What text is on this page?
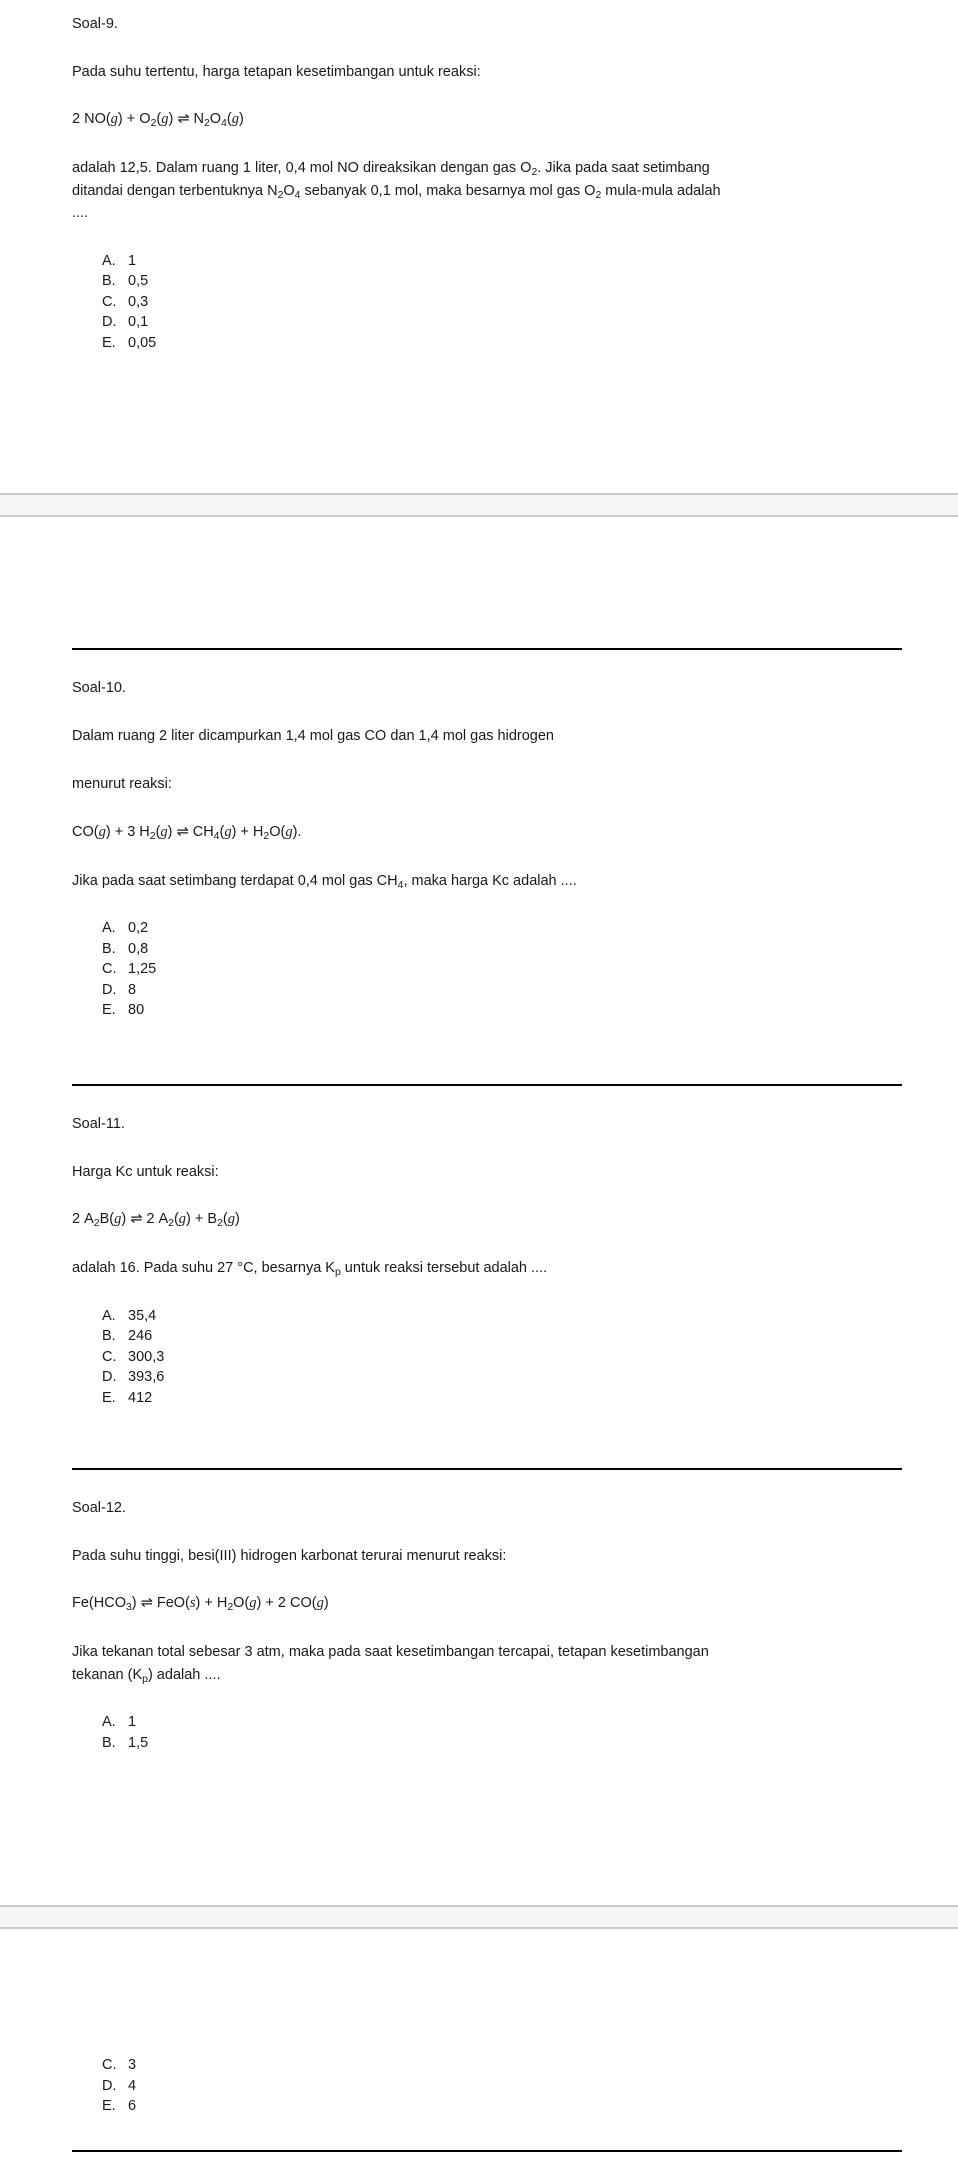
Soal-9.

Pada suhu tertentu, harga tetapan kesetimbangan untuk reaksi:

2 $NO(g) + O_2(g)$ ⇌ $N_2O_4(g)$

adalah 12,5. Dalam ruang 1 liter, 0,4 mol NO direaksikan dengan gas $O_2$. Jika pada saat setimbang ditandai dengan terbentuknya $N_2O_4$ sebanyak 0,1 mol, maka besarnya mol gas $O_2$ mula-mula adalah ....

A. 1
B. 0,5
C. 0,3
D. 0,1
E. 0,05

Soal-10.

Dalam ruang 2 liter dicampurkan 1,4 mol gas CO dan 1,4 mol gas hidrogen

menurut reaksi:

CO(g) + 3 $H_2(g)$ ⇌ $CH_4(g) + H_2O(g)$.

Jika pada saat setimbang terdapat 0,4 mol gas $CH_4$, maka harga Kc adalah ....

A. 0,2
B. 0,8
C. 1,25
D. 8
E. 80

Soal-11.

Harga Kc untuk reaksi:

2 $A_2B(g)$ ⇌ 2 $A_2(g) + B_2(g)$

adalah 16. Pada suhu 27 °C, besarnya $K_p$ untuk reaksi tersebut adalah ....

A. 35,4
B. 246
C. 300,3
D. 393,6
E. 412

Soal-12.

Pada suhu tinggi, besi(III) hidrogen karbonat terurai menurut reaksi:

$Fe(HCO_3)$ ⇌ $FeO(s) + H_2O(g) + 2$ CO(g)

Jika tekanan total sebesar 3 atm, maka pada saat kesetimbangan tercapai, tetapan kesetimbangan tekanan $(K_p)$ adalah ....

A. 1
B. 1,5
C. 3
D. 4
E. 6
